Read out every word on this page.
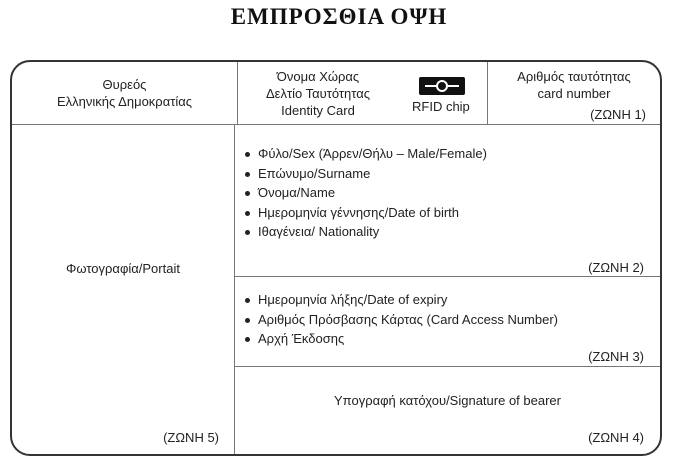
ΕΜΠΡΟΣΘΙΑ ΟΨΗ
Θυρεός
Ελληνικής Δημοκρατίας
Όνομα Χώρας
Δελτίο Ταυτότητας
Identity Card	RFID chip
Αριθμός ταυτότητας
card number
(ΖΩΝΗ 1)
Φύλο/Sex (Άρρεν/Θήλυ – Male/Female)
Επώνυμο/Surname
Όνομα/Name
Ημερομηνία γέννησης/Date of birth
Ιθαγένεια/ Nationality
(ΖΩΝΗ 2)
Ημερομηνία λήξης/Date of expiry
Αριθμός Πρόσβασης Κάρτας (Card Access Number)
Αρχή Έκδοσης
(ΖΩΝΗ 3)
Υπογραφή κατόχου/Signature of bearer
(ΖΩΝΗ 4)
Φωτογραφία/Portait
(ΖΩΝΗ 5)
